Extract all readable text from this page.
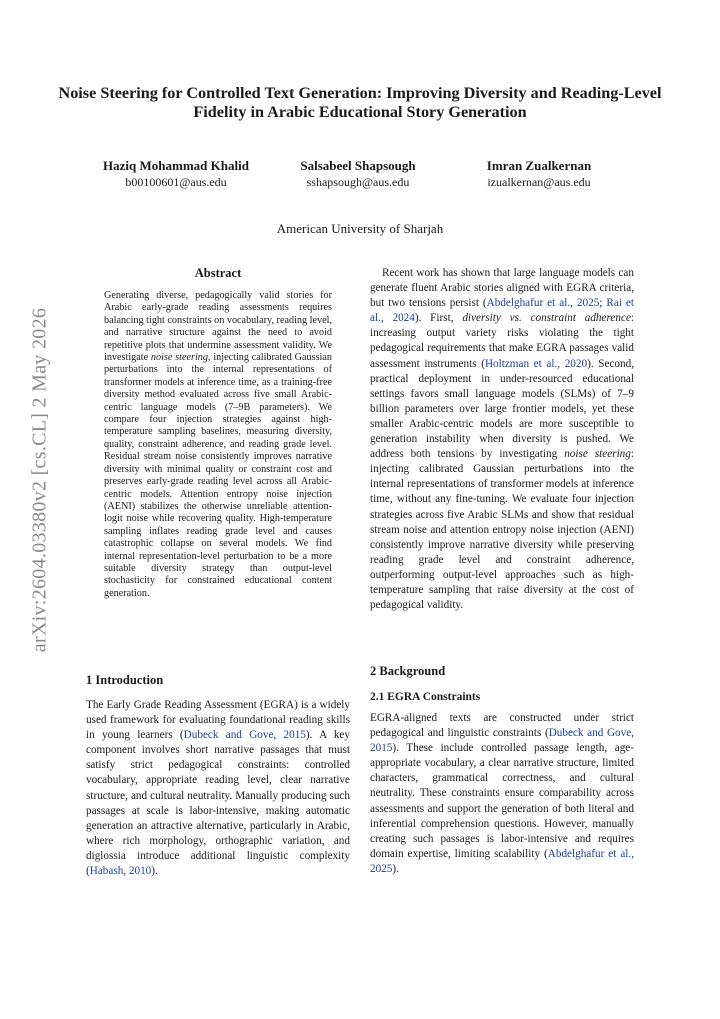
arXiv:2604.03380v2 [cs.CL] 2 May 2026
Noise Steering for Controlled Text Generation: Improving Diversity and Reading-Level Fidelity in Arabic Educational Story Generation
Haziq Mohammad Khalid
b00100601@aus.edu
Salsabeel Shapsough
sshapsough@aus.edu
Imran Zualkernan
izualkernan@aus.edu
American University of Sharjah
Abstract

Generating diverse, pedagogically valid stories for Arabic early-grade reading assessments requires balancing tight constraints on vocabulary, reading level, and narrative structure against the need to avoid repetitive plots that undermine assessment validity. We investigate noise steering, injecting calibrated Gaussian perturbations into the internal representations of transformer models at inference time, as a training-free diversity method evaluated across five small Arabic-centric language models (7–9B parameters). We compare four injection strategies against high-temperature sampling baselines, measuring diversity, quality, constraint adherence, and reading grade level. Residual stream noise consistently improves narrative diversity with minimal quality or constraint cost and preserves early-grade reading level across all Arabic-centric models. Attention entropy noise injection (AENI) stabilizes the otherwise unreliable attention-logit noise while recovering quality. High-temperature sampling inflates reading grade level and causes catastrophic collapse on several models. We find internal representation-level perturbation to be a more suitable diversity strategy than output-level stochasticity for constrained educational content generation.

1 Introduction

The Early Grade Reading Assessment (EGRA) is a widely used framework for evaluating foundational reading skills in young learners (Dubeck and Gove, 2015). A key component involves short narrative passages that must satisfy strict pedagogical constraints: controlled vocabulary, appropriate reading level, clear narrative structure, and cultural neutrality. Manually producing such passages at scale is labor-intensive, making automatic generation an attractive alternative, particularly in Arabic, where rich morphology, orthographic variation, and diglossia introduce additional linguistic complexity (Habash, 2010).

Recent work has shown that large language models can generate fluent Arabic stories aligned with EGRA criteria, but two tensions persist (Abdelghafur et al., 2025; Rai et al., 2024). First, diversity vs. constraint adherence: increasing output variety risks violating the tight pedagogical requirements that make EGRA passages valid assessment instruments (Holtzman et al., 2020). Second, practical deployment in under-resourced educational settings favors small language models (SLMs) of 7–9 billion parameters over large frontier models, yet these smaller Arabic-centric models are more susceptible to generation instability when diversity is pushed. We address both tensions by investigating noise steering: injecting calibrated Gaussian perturbations into the internal representations of transformer models at inference time, without any fine-tuning. We evaluate four injection strategies across five Arabic SLMs and show that residual stream noise and attention entropy noise injection (AENI) consistently improve narrative diversity while preserving reading grade level and constraint adherence, outperforming output-level approaches such as high-temperature sampling that raise diversity at the cost of pedagogical validity.

2 Background
2.1 EGRA Constraints

EGRA-aligned texts are constructed under strict pedagogical and linguistic constraints (Dubeck and Gove, 2015). These include controlled passage length, age-appropriate vocabulary, a clear narrative structure, limited characters, grammatical correctness, and cultural neutrality. These constraints ensure comparability across assessments and support the generation of both literal and inferential comprehension questions. However, manually creating such passages is labor-intensive and requires domain expertise, limiting scalability (Abdelghafur et al., 2025).
